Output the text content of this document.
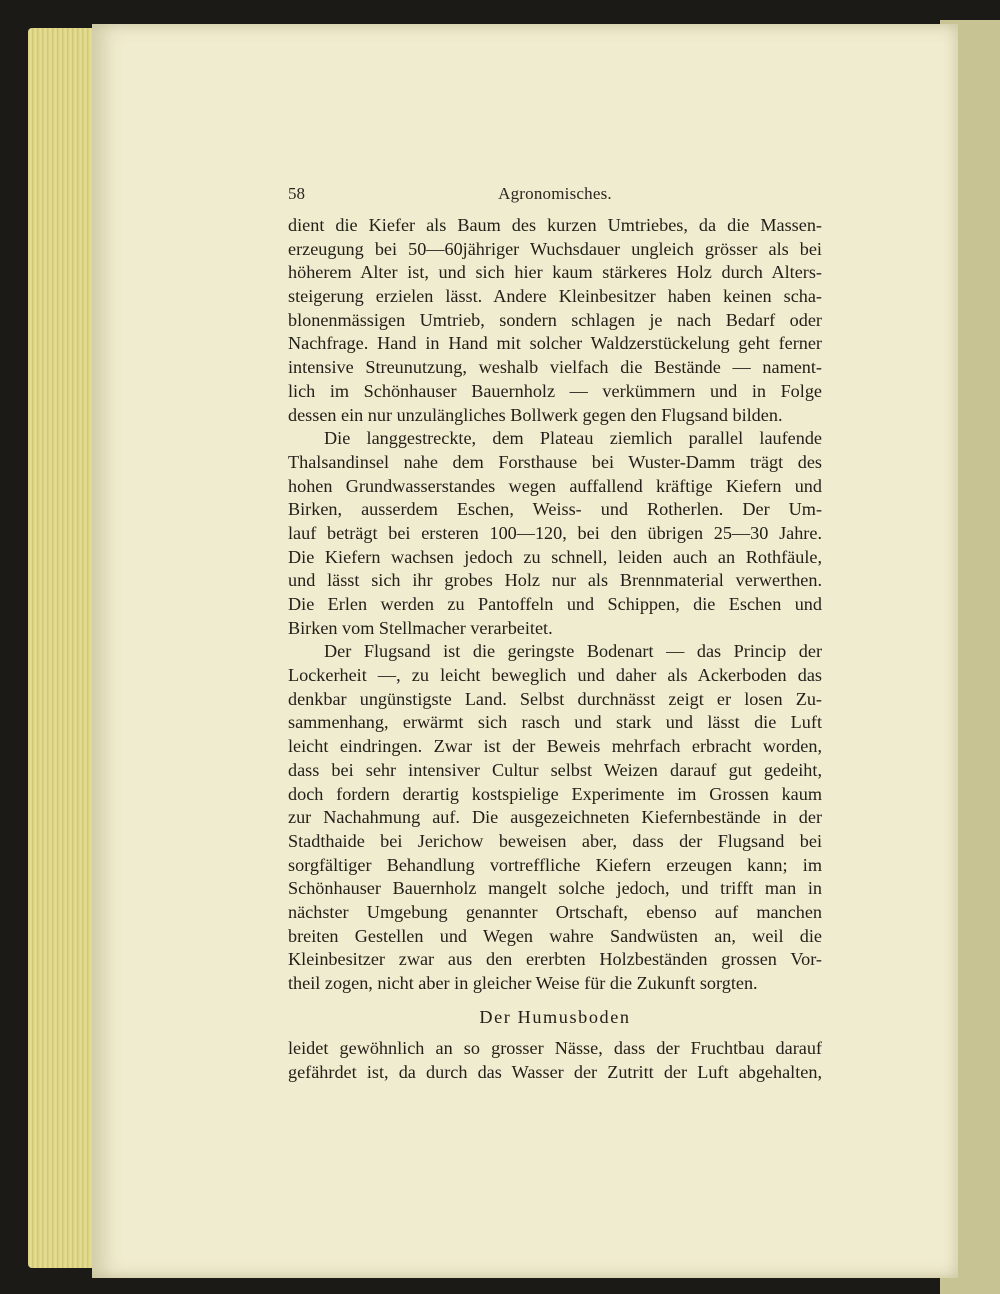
58	Agronomisches.
dient die Kiefer als Baum des kurzen Umtriebes, da die Massen-
erzeugung bei 50—60jähriger Wuchsdauer ungleich grösser als bei
höherem Alter ist, und sich hier kaum stärkeres Holz durch Alters-
steigerung erzielen lässt. Andere Kleinbesitzer haben keinen scha-
blonenmässigen Umtrieb, sondern schlagen je nach Bedarf oder
Nachfrage. Hand in Hand mit solcher Waldzerstückelung geht ferner
intensive Streunutzung, weshalb vielfach die Bestände — nament-
lich im Schönhauser Bauernholz — verkümmern und in Folge
dessen ein nur unzulängliches Bollwerk gegen den Flugsand bilden.
Die langgestreckte, dem Plateau ziemlich parallel laufende
Thalsandinsel nahe dem Forsthause bei Wuster-Damm trägt des
hohen Grundwasserstandes wegen auffallend kräftige Kiefern und
Birken, ausserdem Eschen, Weiss- und Rotherlen. Der Um-
lauf beträgt bei ersteren 100—120, bei den übrigen 25—30 Jahre.
Die Kiefern wachsen jedoch zu schnell, leiden auch an Rothfäule,
und lässt sich ihr grobes Holz nur als Brennmaterial verwerthen.
Die Erlen werden zu Pantoffeln und Schippen, die Eschen und
Birken vom Stellmacher verarbeitet.
Der Flugsand ist die geringste Bodenart — das Princip der
Lockerheit —, zu leicht beweglich und daher als Ackerboden das
denkbar ungünstigste Land. Selbst durchnässt zeigt er losen Zu-
sammenhang, erwärmt sich rasch und stark und lässt die Luft
leicht eindringen. Zwar ist der Beweis mehrfach erbracht worden,
dass bei sehr intensiver Cultur selbst Weizen darauf gut gedeiht,
doch fordern derartig kostspielige Experimente im Grossen kaum
zur Nachahmung auf. Die ausgezeichneten Kiefernbestände in der
Stadthaide bei Jerichow beweisen aber, dass der Flugsand bei
sorgfältiger Behandlung vortreffliche Kiefern erzeugen kann; im
Schönhauser Bauernholz mangelt solche jedoch, und trifft man in
nächster Umgebung genannter Ortschaft, ebenso auf manchen
breiten Gestellen und Wegen wahre Sandwüsten an, weil die
Kleinbesitzer zwar aus den ererbten Holzbeständen grossen Vor-
theil zogen, nicht aber in gleicher Weise für die Zukunft sorgten.
Der Humusboden
leidet gewöhnlich an so grosser Nässe, dass der Fruchtbau darauf
gefährdet ist, da durch das Wasser der Zutritt der Luft abgehalten,
